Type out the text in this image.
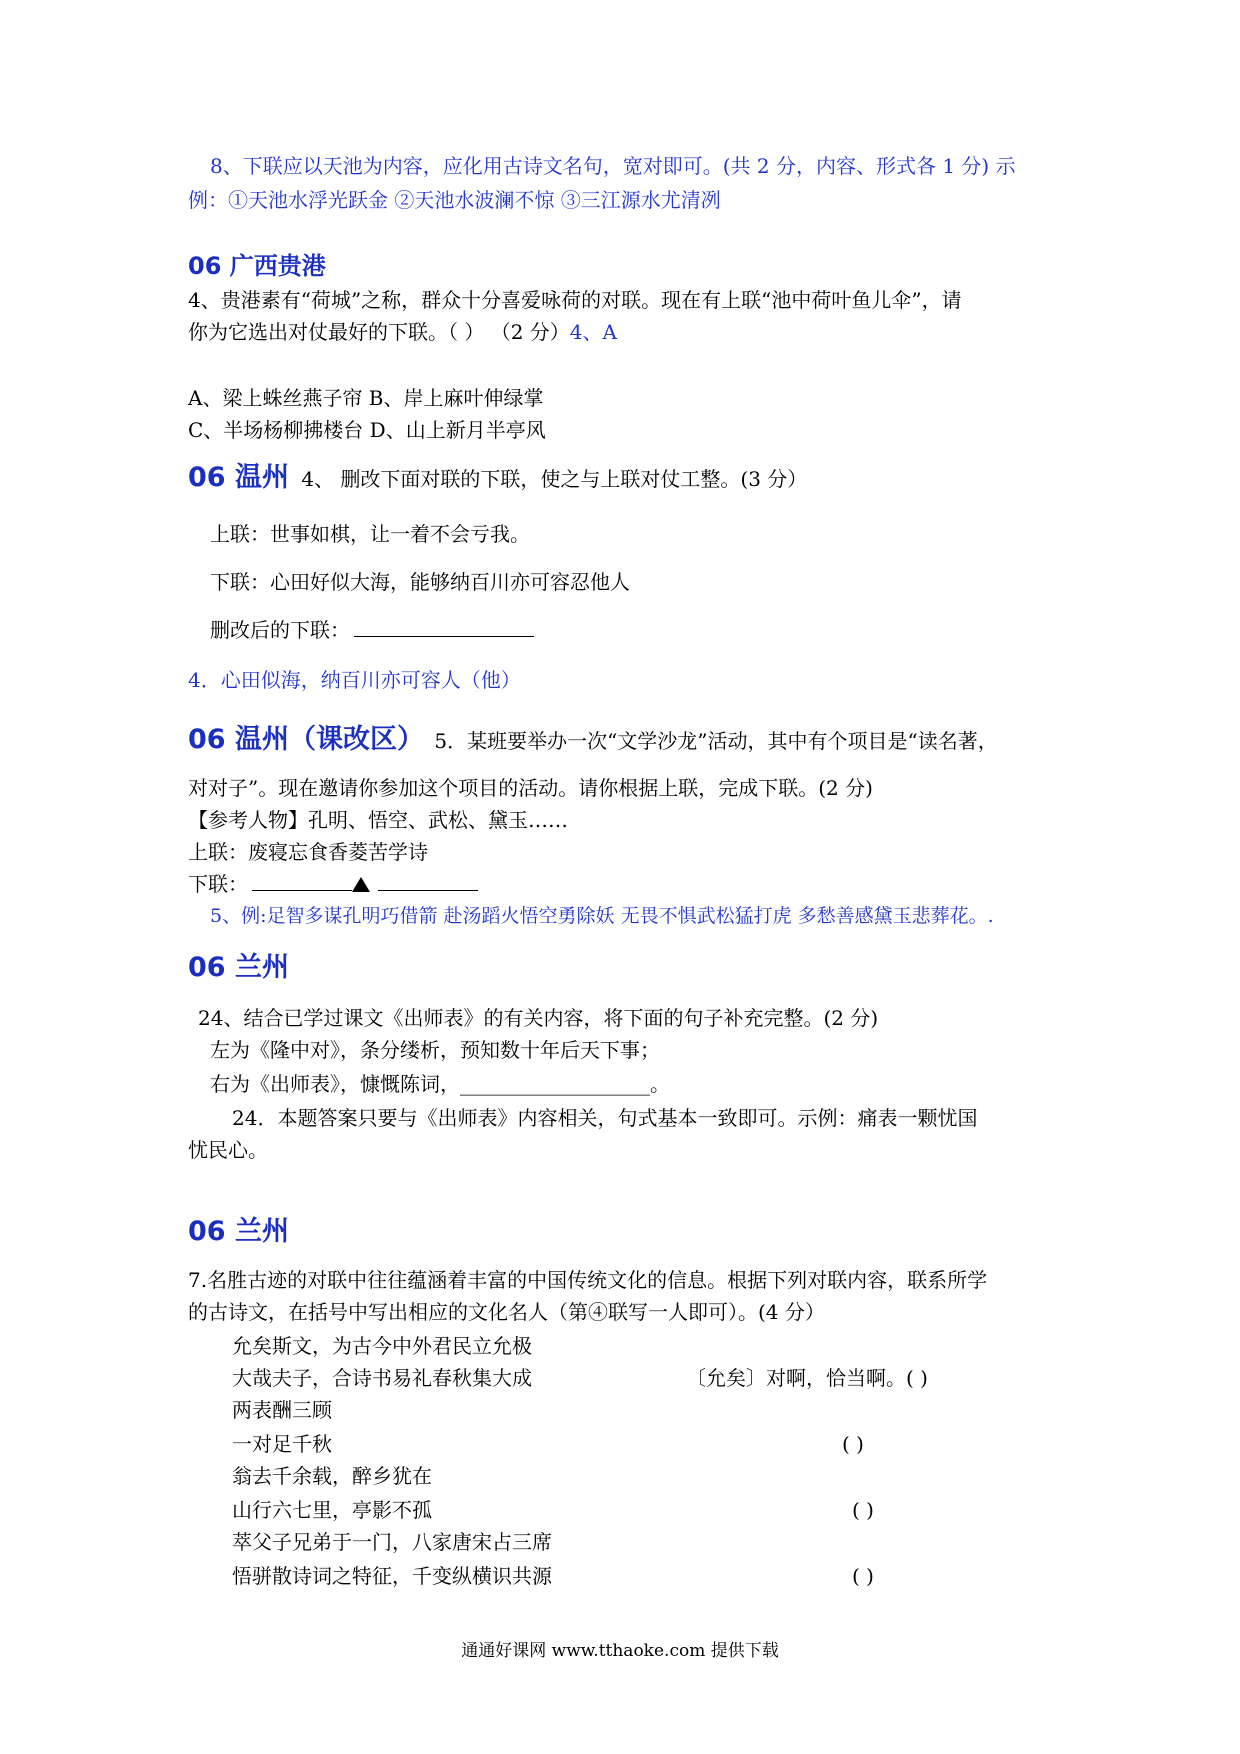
8、下联应以天池为内容，应化用古诗文名句，宽对即可。(共 2 分，内容、形式各 1 分) 示
例：①天池水浮光跃金 ②天池水波澜不惊 ③三江源水尤清冽
06 广西贵港
4、贵港素有“荷城”之称，群众十分喜爱咏荷的对联。现在有上联“池中荷叶鱼儿伞”，请
你为它选出对仗最好的下联。（ ） （2 分）4、A
A、梁上蛛丝燕子帘 B、岸上麻叶伸绿掌
C、半场杨柳拂楼台 D、山上新月半亭风
06 温州 4、 删改下面对联的下联，使之与上联对仗工整。(3 分）
上联：世事如棋，让一着不会亏我。
下联：心田好似大海，能够纳百川亦可容忍他人
删改后的下联：
4．心田似海，纳百川亦可容人（他）
06 温州（课改区） 5．某班要举办一次“文学沙龙”活动，其中有个项目是“读名著，
对对子”。现在邀请你参加这个项目的活动。请你根据上联，完成下联。(2 分)
【参考人物】孔明、悟空、武松、黛玉……
上联：废寝忘食香菱苦学诗
下联：
5、例:足智多谋孔明巧借箭 赴汤蹈火悟空勇除妖 无畏不惧武松猛打虎 多愁善感黛玉悲葬花。.
06 兰州
24、结合已学过课文《出师表》的有关内容，将下面的句子补充完整。(2 分)
左为《隆中对》，条分缕析，预知数十年后天下事；
右为《出师表》，慷慨陈词，___________________。
24．本题答案只要与《出师表》内容相关，句式基本一致即可。示例：痛表一颗忧国
忧民心。
06 兰州
7.名胜古迹的对联中往往蕴涵着丰富的中国传统文化的信息。根据下列对联内容，联系所学
的古诗文，在括号中写出相应的文化名人（第④联写一人即可）。(4 分）
允矣斯文，为古今中外君民立允极
大哉夫子，合诗书易礼春秋集大成	〔允矣〕对啊，恰当啊。( )
两表酬三顾
一对足千秋	( )
翁去千余载，醉乡犹在
山行六七里，亭影不孤	( )
萃父子兄弟于一门，八家唐宋占三席
悟骈散诗词之特征，千变纵横识共源	( )
通通好课网 www.tthaoke.com 提供下载
